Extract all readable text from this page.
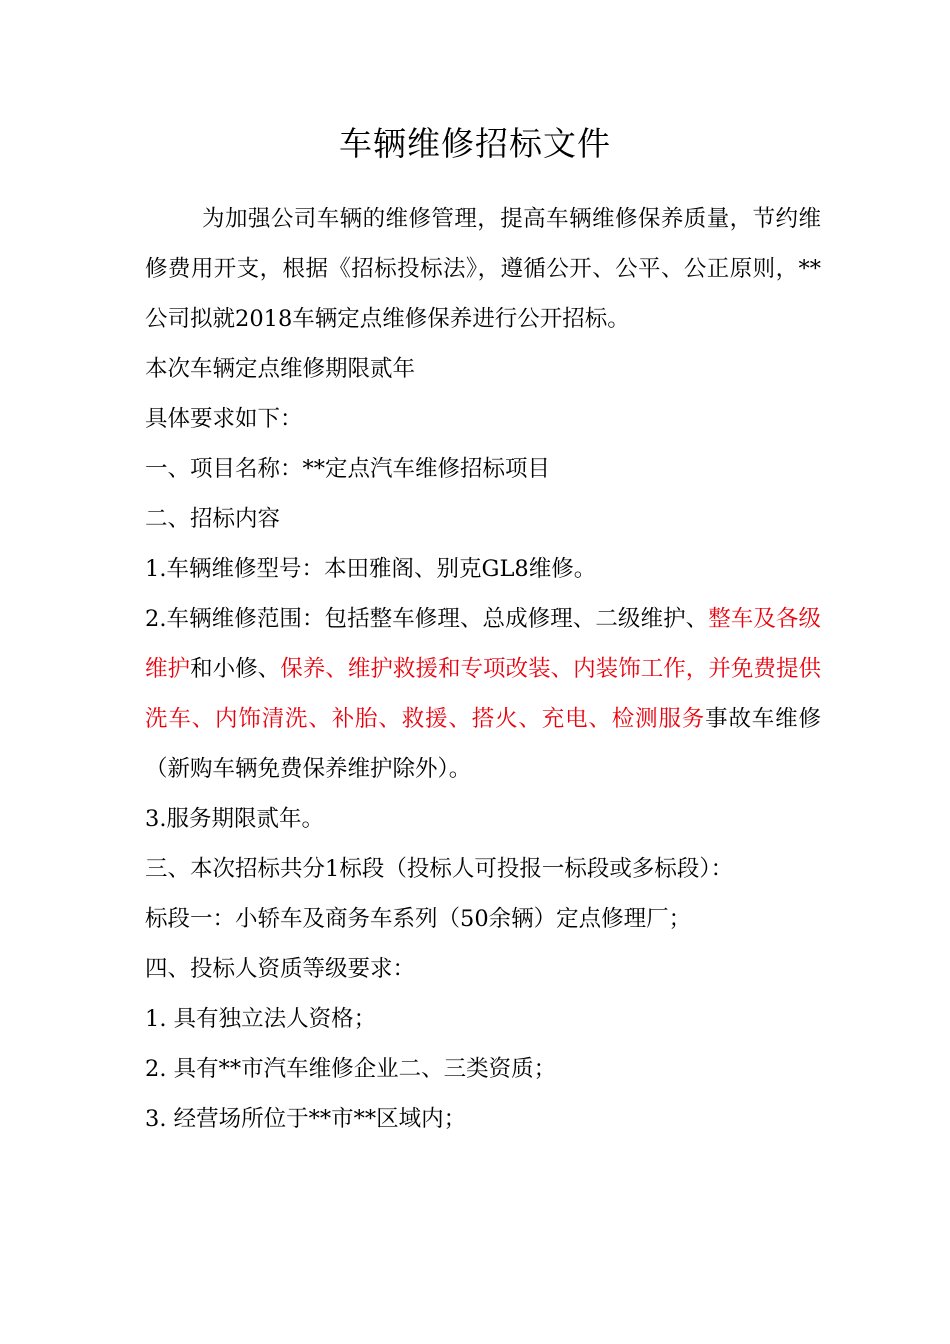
车辆维修招标文件

为加强公司车辆的维修管理，提高车辆维修保养质量，节约维修费用开支，根据《招标投标法》，遵循公开、公平、公正原则，**公司拟就2018车辆定点维修保养进行公开招标。

本次车辆定点维修期限贰年

具体要求如下：

一、项目名称：**定点汽车维修招标项目

二、招标内容

1.车辆维修型号：本田雅阁、别克GL8维修。

2.车辆维修范围：包括整车修理、总成修理、二级维护、整车及各级维护和小修、保养、维护救援和专项改装、内装饰工作，并免费提供洗车、内饰清洗、补胎、救援、搭火、充电、检测服务事故车维修（新购车辆免费保养维护除外）。

3.服务期限贰年。

三、本次招标共分1标段（投标人可投报一标段或多标段）：

标段一：小轿车及商务车系列（50余辆）定点修理厂；

四、投标人资质等级要求：

1. 具有独立法人资格；

2. 具有**市汽车维修企业二、三类资质；

3. 经营场所位于**市**区域内；
